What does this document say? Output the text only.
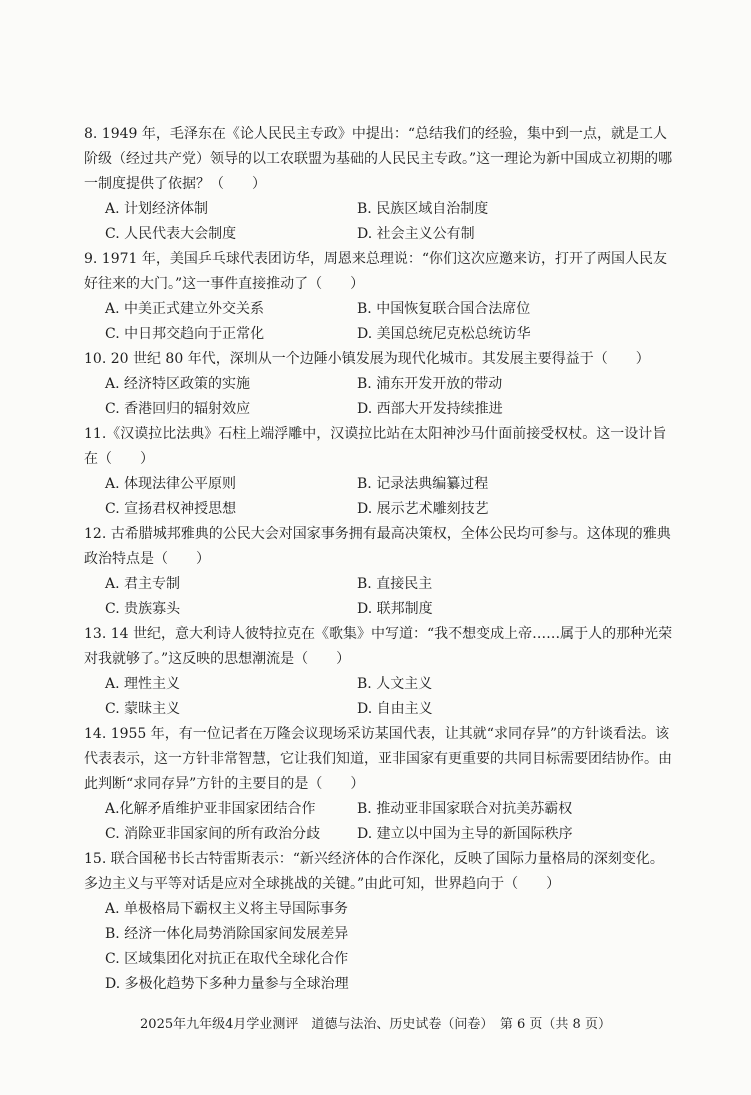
8. 1949 年，毛泽东在《论人民民主专政》中提出：“总结我们的经验，集中到一点，就是工人阶级（经过共产党）领导的以工农联盟为基础的人民民主专政。”这一理论为新中国成立初期的哪一制度提供了依据？（　　）

A. 计划经济体制	B. 民族区域自治制度
C. 人民代表大会制度	D. 社会主义公有制

9. 1971 年，美国乒乓球代表团访华，周恩来总理说：“你们这次应邀来访，打开了两国人民友好往来的大门。”这一事件直接推动了（　　）

A. 中美正式建立外交关系	B. 中国恢复联合国合法席位
C. 中日邦交趋向于正常化	D. 美国总统尼克松总统访华

10. 20 世纪 80 年代，深圳从一个边陲小镇发展为现代化城市。其发展主要得益于（　　）

A. 经济特区政策的实施	B. 浦东开发开放的带动
C. 香港回归的辐射效应	D. 西部大开发持续推进

11.《汉谟拉比法典》石柱上端浮雕中，汉谟拉比站在太阳神沙马什面前接受权杖。这一设计旨在（　　）

A. 体现法律公平原则	B. 记录法典编纂过程
C. 宣扬君权神授思想	D. 展示艺术雕刻技艺

12. 古希腊城邦雅典的公民大会对国家事务拥有最高决策权，全体公民均可参与。这体现的雅典政治特点是（　　）

A. 君主专制	B. 直接民主
C. 贵族寡头	D. 联邦制度

13. 14 世纪，意大利诗人彼特拉克在《歌集》中写道：“我不想变成上帝……属于人的那种光荣对我就够了。”这反映的思想潮流是（　　）

A. 理性主义	B. 人文主义
C. 蒙昧主义	D. 自由主义

14. 1955 年，有一位记者在万隆会议现场采访某国代表，让其就“求同存异”的方针谈看法。该代表表示，这一方针非常智慧，它让我们知道，亚非国家有更重要的共同目标需要团结协作。由此判断“求同存异”方针的主要目的是（　　）

A.化解矛盾维护亚非国家团结合作	B. 推动亚非国家联合对抗美苏霸权
C. 消除亚非国家间的所有政治分歧	D. 建立以中国为主导的新国际秩序

15. 联合国秘书长古特雷斯表示：“新兴经济体的合作深化，反映了国际力量格局的深刻变化。多边主义与平等对话是应对全球挑战的关键。”由此可知，世界趋向于（　　）

A. 单极格局下霸权主义将主导国际事务
B. 经济一体化局势消除国家间发展差异
C. 区域集团化对抗正在取代全球化合作
D. 多极化趋势下多种力量参与全球治理
2025年九年级4月学业测评　道德与法治、历史试卷（问卷）　第 6 页（共 8 页）
